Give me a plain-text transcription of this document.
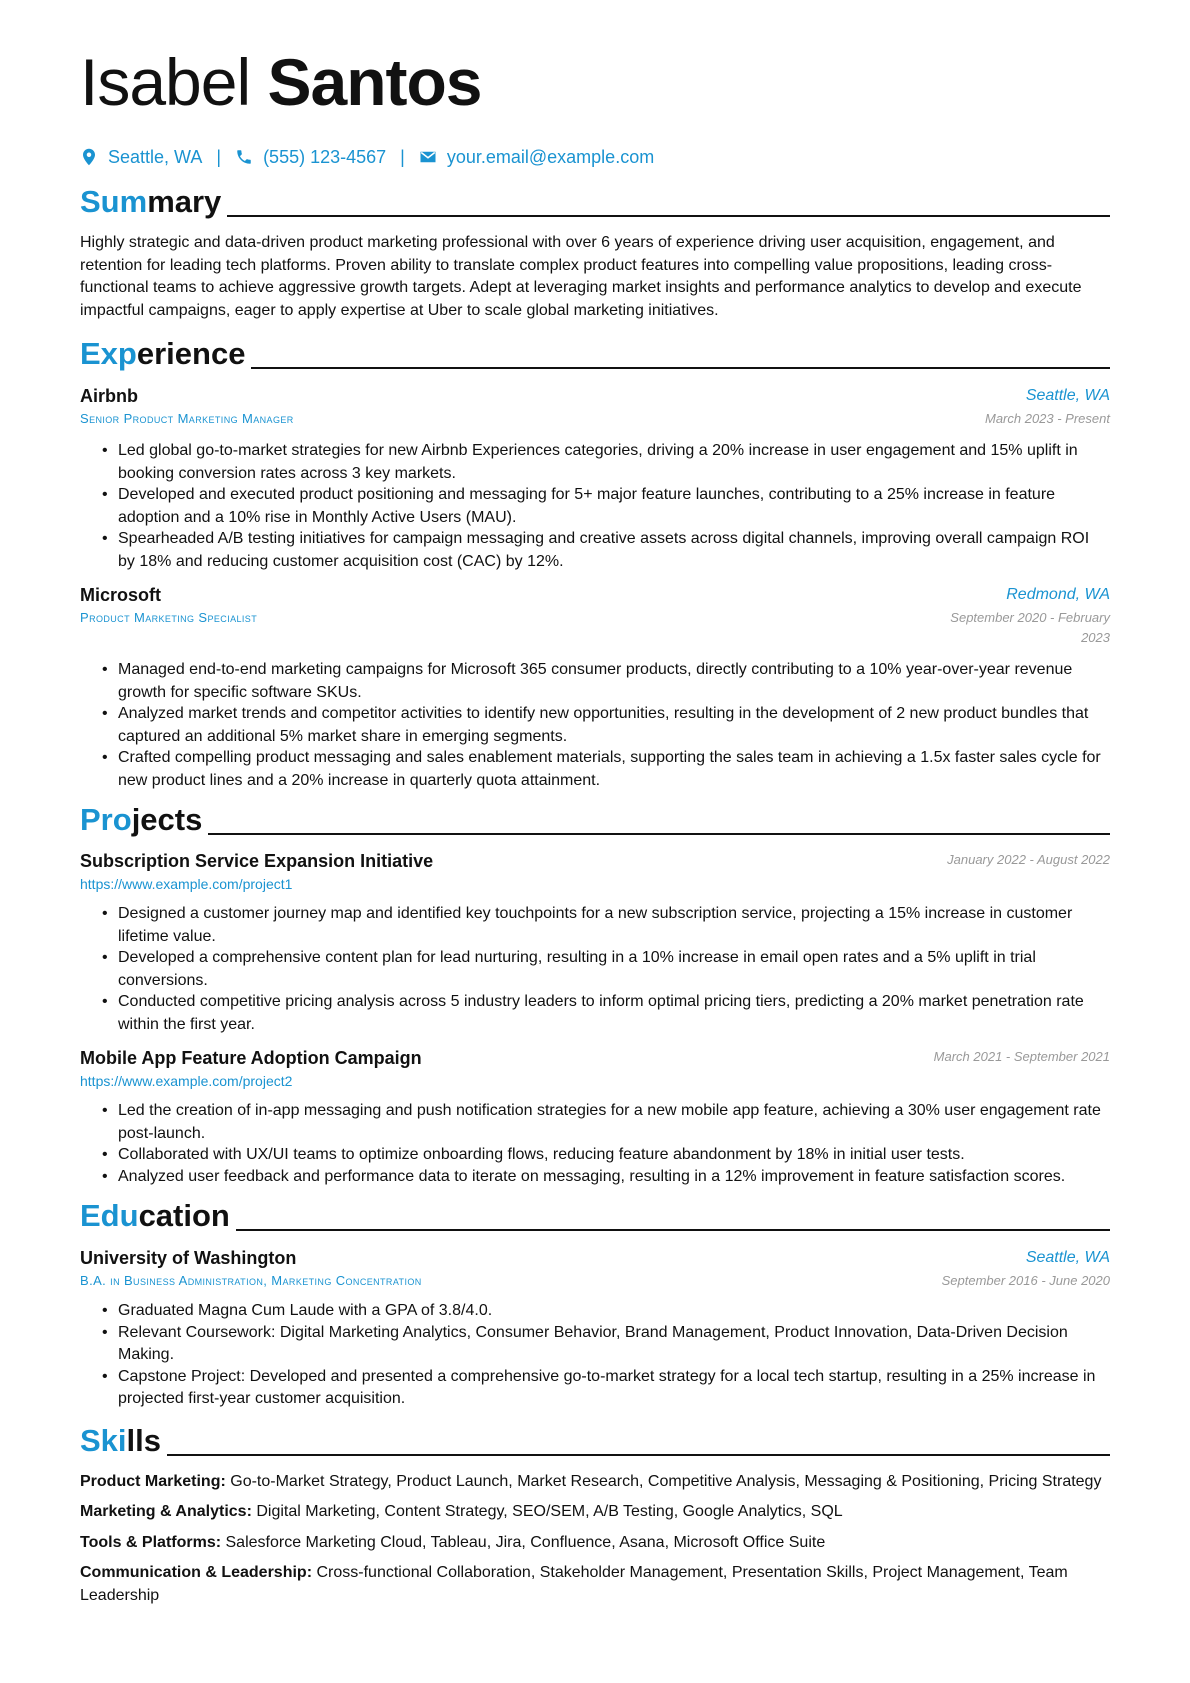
Isabel Santos
Seattle, WA | (555) 123-4567 | your.email@example.com
Summary

Highly strategic and data-driven product marketing professional with over 6 years of experience driving user acquisition, engagement, and retention for leading tech platforms. Proven ability to translate complex product features into compelling value propositions, leading cross-functional teams to achieve aggressive growth targets. Adept at leveraging market insights and performance analytics to develop and execute impactful campaigns, eager to apply expertise at Uber to scale global marketing initiatives.

Experience
Airbnb
Senior Product Marketing Manager
Seattle, WA
March 2023 - Present
• Led global go-to-market strategies for new Airbnb Experiences categories, driving a 20% increase in user engagement and 15% uplift in booking conversion rates across 3 key markets.
• Developed and executed product positioning and messaging for 5+ major feature launches, contributing to a 25% increase in feature adoption and a 10% rise in Monthly Active Users (MAU).
• Spearheaded A/B testing initiatives for campaign messaging and creative assets across digital channels, improving overall campaign ROI by 18% and reducing customer acquisition cost (CAC) by 12%.
Microsoft
Product Marketing Specialist
Redmond, WA
September 2020 - February 2023
• Managed end-to-end marketing campaigns for Microsoft 365 consumer products, directly contributing to a 10% year-over-year revenue growth for specific software SKUs.
• Analyzed market trends and competitor activities to identify new opportunities, resulting in the development of 2 new product bundles that captured an additional 5% market share in emerging segments.
• Crafted compelling product messaging and sales enablement materials, supporting the sales team in achieving a 1.5x faster sales cycle for new product lines and a 20% increase in quarterly quota attainment.
Projects
Subscription Service Expansion Initiative
https://www.example.com/project1
January 2022 - August 2022
• Designed a customer journey map and identified key touchpoints for a new subscription service, projecting a 15% increase in customer lifetime value.
• Developed a comprehensive content plan for lead nurturing, resulting in a 10% increase in email open rates and a 5% uplift in trial conversions.
• Conducted competitive pricing analysis across 5 industry leaders to inform optimal pricing tiers, predicting a 20% market penetration rate within the first year.
Mobile App Feature Adoption Campaign
https://www.example.com/project2
March 2021 - September 2021
• Led the creation of in-app messaging and push notification strategies for a new mobile app feature, achieving a 30% user engagement rate post-launch.
• Collaborated with UX/UI teams to optimize onboarding flows, reducing feature abandonment by 18% in initial user tests.
• Analyzed user feedback and performance data to iterate on messaging, resulting in a 12% improvement in feature satisfaction scores.
Education
University of Washington
B.A. in Business Administration, Marketing Concentration
Seattle, WA
September 2016 - June 2020
• Graduated Magna Cum Laude with a GPA of 3.8/4.0.
• Relevant Coursework: Digital Marketing Analytics, Consumer Behavior, Brand Management, Product Innovation, Data-Driven Decision Making.
• Capstone Project: Developed and presented a comprehensive go-to-market strategy for a local tech startup, resulting in a 25% increase in projected first-year customer acquisition.
Skills

Product Marketing: Go-to-Market Strategy, Product Launch, Market Research, Competitive Analysis, Messaging & Positioning, Pricing Strategy

Marketing & Analytics: Digital Marketing, Content Strategy, SEO/SEM, A/B Testing, Google Analytics, SQL

Tools & Platforms: Salesforce Marketing Cloud, Tableau, Jira, Confluence, Asana, Microsoft Office Suite

Communication & Leadership: Cross-functional Collaboration, Stakeholder Management, Presentation Skills, Project Management, Team Leadership
